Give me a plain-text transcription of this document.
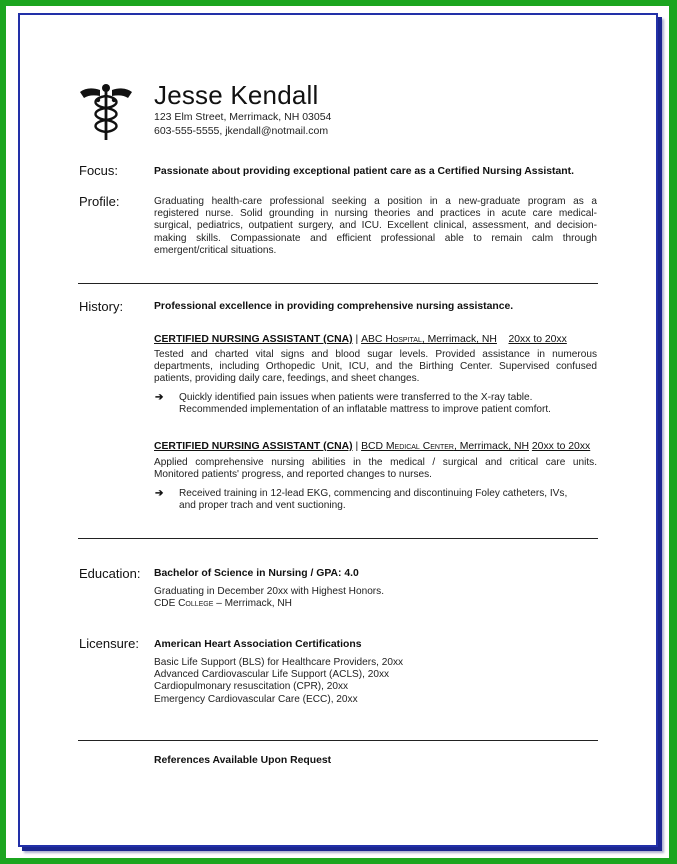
Jesse Kendall
123 Elm Street, Merrimack, NH 03054
603-555-5555, jkendall@notmail.com
Focus:	Passionate about providing exceptional patient care as a Certified Nursing Assistant.
Profile:	Graduating health-care professional seeking a position in a new-graduate program as a
registered nurse. Solid grounding in nursing theories and practices in acute care medical-
surgical, pediatrics, outpatient surgery, and ICU. Excellent clinical, assessment, and decision-
making skills. Compassionate and efficient professional able to remain calm through
emergent/critical situations.
History:	Professional excellence in providing comprehensive nursing assistance.
CERTIFIED NURSING ASSISTANT (CNA) | ABC Hospital, Merrimack, NH 20xx to 20xx
Tested and charted vital signs and blood sugar levels. Provided assistance in numerous
departments, including Orthopedic Unit, ICU, and the Birthing Center. Supervised confused
patients, providing daily care, feedings, and sheet changes.
➔ Quickly identified pain issues when patients were transferred to the X-ray table.
Recommended implementation of an inflatable mattress to improve patient comfort.
CERTIFIED NURSING ASSISTANT (CNA) | BCD Medical Center, Merrimack, NH 20xx to 20xx
Applied comprehensive nursing abilities in the medical / surgical and critical care units.
Monitored patients' progress, and reported changes to nurses.
➔ Received training in 12-lead EKG, commencing and discontinuing Foley catheters, IVs,
and proper trach and vent suctioning.
Education: Bachelor of Science in Nursing / GPA: 4.0
Graduating in December 20xx with Highest Honors.
CDE College – Merrimack, NH
Licensure: American Heart Association Certifications
Basic Life Support (BLS) for Healthcare Providers, 20xx
Advanced Cardiovascular Life Support (ACLS), 20xx
Cardiopulmonary resuscitation (CPR), 20xx
Emergency Cardiovascular Care (ECC), 20xx
References Available Upon Request
